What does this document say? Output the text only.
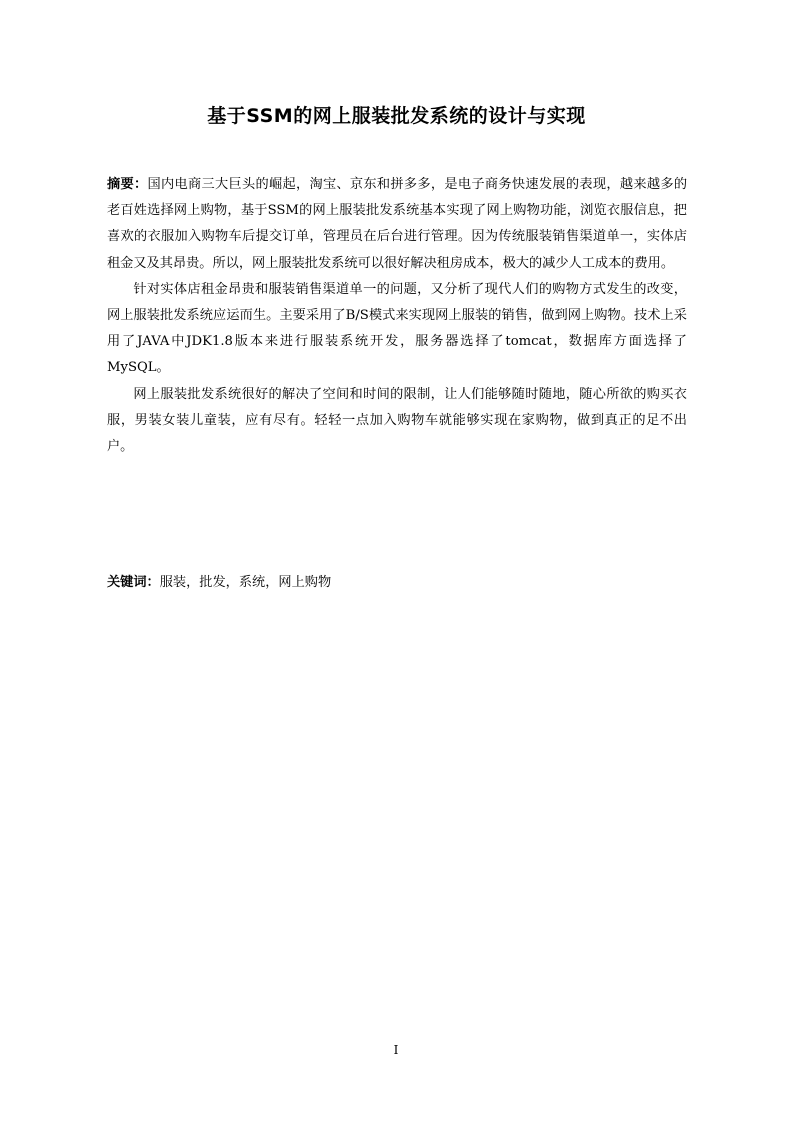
基于SSM的网上服装批发系统的设计与实现

摘要：国内电商三大巨头的崛起，淘宝、京东和拼多多，是电子商务快速发展的表现，越来越多的老百姓选择网上购物，基于SSM的网上服装批发系统基本实现了网上购物功能，浏览衣服信息，把喜欢的衣服加入购物车后提交订单，管理员在后台进行管理。因为传统服装销售渠道单一，实体店租金又及其昂贵。所以，网上服装批发系统可以很好解决租房成本，极大的减少人工成本的费用。

针对实体店租金昂贵和服装销售渠道单一的问题，又分析了现代人们的购物方式发生的改变，网上服装批发系统应运而生。主要采用了B/S模式来实现网上服装的销售，做到网上购物。技术上采用了JAVA中JDK1.8版本来进行服装系统开发，服务器选择了tomcat，数据库方面选择了MySQL。

网上服装批发系统很好的解决了空间和时间的限制，让人们能够随时随地，随心所欲的购买衣服，男装女装儿童装，应有尽有。轻轻一点加入购物车就能够实现在家购物，做到真正的足不出户。

关键词：服装，批发，系统，网上购物
I
